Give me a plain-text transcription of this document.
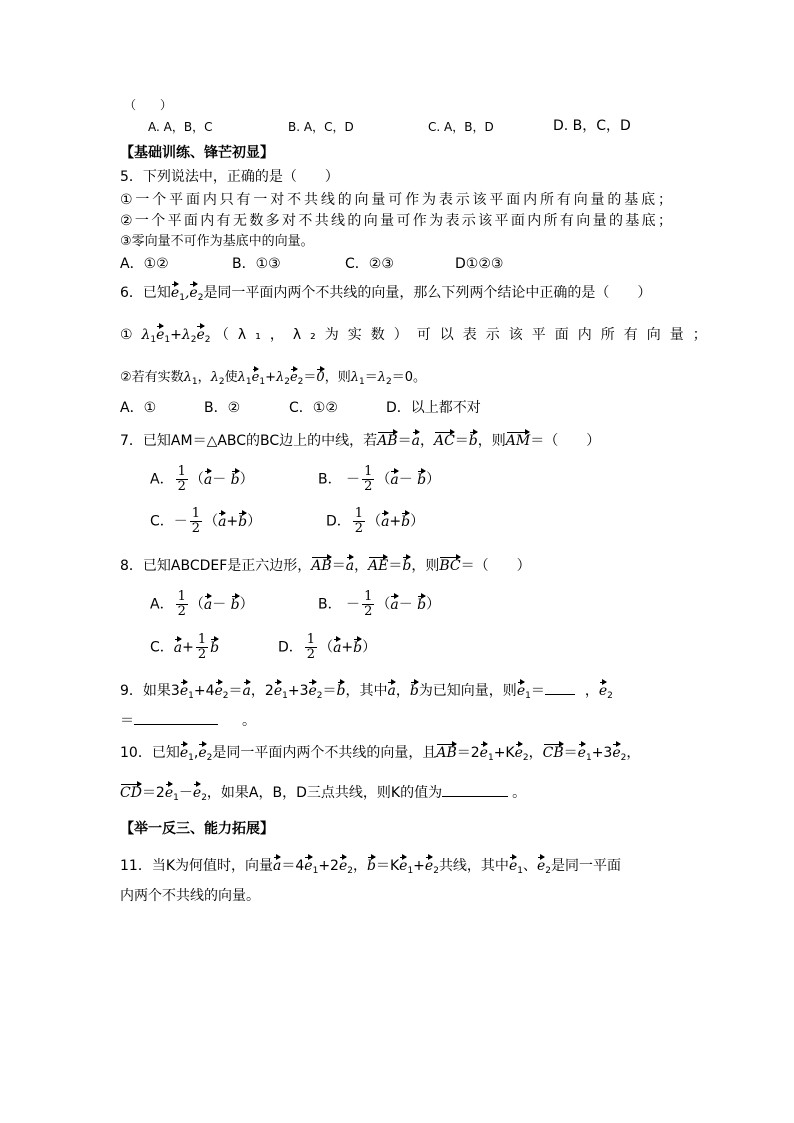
（　　）
A. A，B，C	B. A，C，D	C. A，B，D	D. B，C，D
【基础训练、锋芒初显】
5．下列说法中，正确的是（　　）
①一个平面内只有一对不共线的向量可作为表示该平面内所有向量的基底；
②一个平面内有无数多对不共线的向量可作为表示该平面内所有向量的基底；
③零向量不可作为基底中的向量。
A．①②	B．①③	C．②③	D①②③
6．已知$e_1,e_2$是同一平面内两个不共线的向量，那么下列两个结论中正确的是（　　）
① $\lambda_1e_1+\lambda_2e_2$ （λ₁，λ₂为实数）可以表示该平面内所有向量；
②若有实数$\lambda_1$，$\lambda_2$使$\lambda_1e_1+\lambda_2e_2=0$，则$\lambda_1=\lambda_2=0$。
A．①	B．②	C．①②	D．以上都不对
7．已知AM＝△ABC的BC边上的中线，若AB＝a，AC＝b，则AM＝（　　）
A． $\frac{1}{2} (a- b)$	B． － $\frac{1}{2} (a- b)$
C．－ $\frac{1}{2} (a+b)$	D． $\frac{1}{2} (a+b)$
8．已知ABCDEF是正六边形，AB＝a，AE＝b，则BC＝（　　）
A． $\frac{1}{2} (a- b)$	B． － $\frac{1}{2} (a- b)$
C．$a+ \frac{1}{2}$ b	D． $\frac{1}{2} (a+b)$
9．如果$3e_1+4e_2=a$，$2e_1+3e_2=b$，其中a，b为已知向量，则$e_1=$	，$e_2$
＝	。
10．已知$e_1,e_2$是同一平面内两个不共线的向量，且$AB=2e_1+Ke_2$，$CB=e_1+3e_2$，
$CD=2e_1-e_2$，如果A，B，D三点共线，则K的值为	。
【举一反三、能力拓展】
11．当K为何值时，向量$a=4e_1+2e_2$，$b=Ke_1+e_2$共线，其中$e_1$、$e_2$是同一平面
内两个不共线的向量。
